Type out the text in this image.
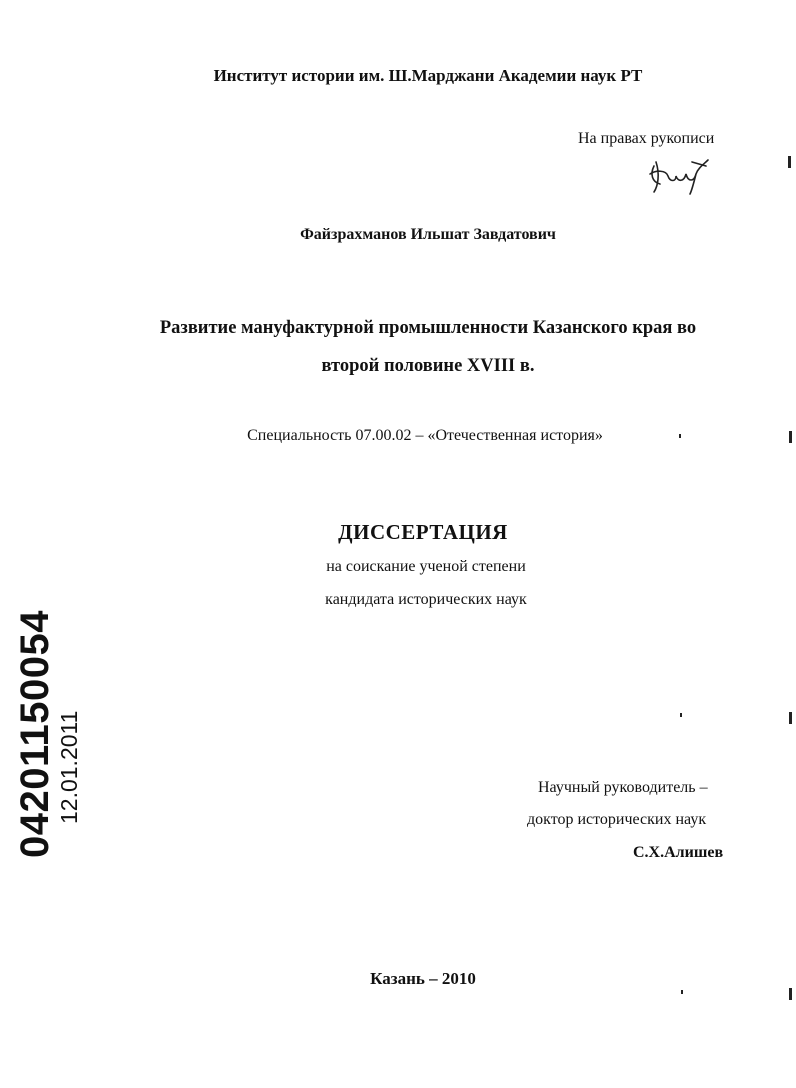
Институт истории им. Ш.Марджани Академии наук РТ
На правах рукописи
Файзрахманов Ильшат Завдатович
Развитие мануфактурной промышленности Казанского края во
второй половине XVIII в.
Специальность 07.00.02 – «Отечественная история»
ДИССЕРТАЦИЯ
на соискание ученой степени
кандидата исторических наук
Научный руководитель –
доктор исторических наук
С.Х.Алишев
Казань – 2010
04201150054 12.01.2011
